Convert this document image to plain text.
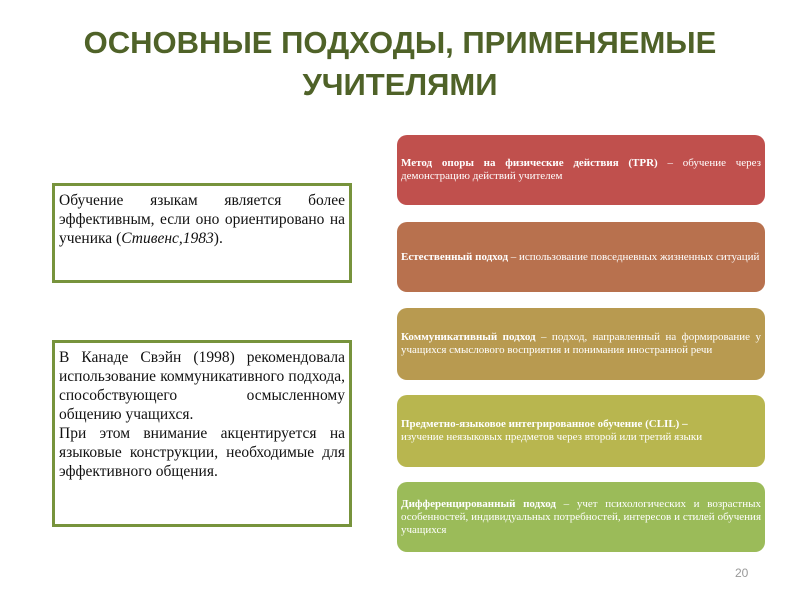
ОСНОВНЫЕ ПОДХОДЫ, ПРИМЕНЯЕМЫЕ
УЧИТЕЛЯМИ

Обучение языкам является более эффективным, если оно ориентировано на ученика (Стивенс,1983).

В Канаде Свэйн (1998) рекомендовала использование коммуникативного подхода, способствующего осмысленному общению учащихся.

При этом внимание акцентируется на языковые конструкции, необходимые для эффективного общения.

Метод опоры на физические действия (TPR) – обучение через демонстрацию действий учителем
Естественный подход – использование повседневных жизненных ситуаций
Коммуникативный подход – подход, направленный на формирование у учащихся смыслового восприятия и понимания иностранной речи
Предметно-языковое интегрированное обучение (CLIL) –
изучение неязыковых предметов через второй или третий языки
Дифференцированный подход – учет психологических и возрастных особенностей, индивидуальных потребностей, интересов и стилей обучения учащихся
20
